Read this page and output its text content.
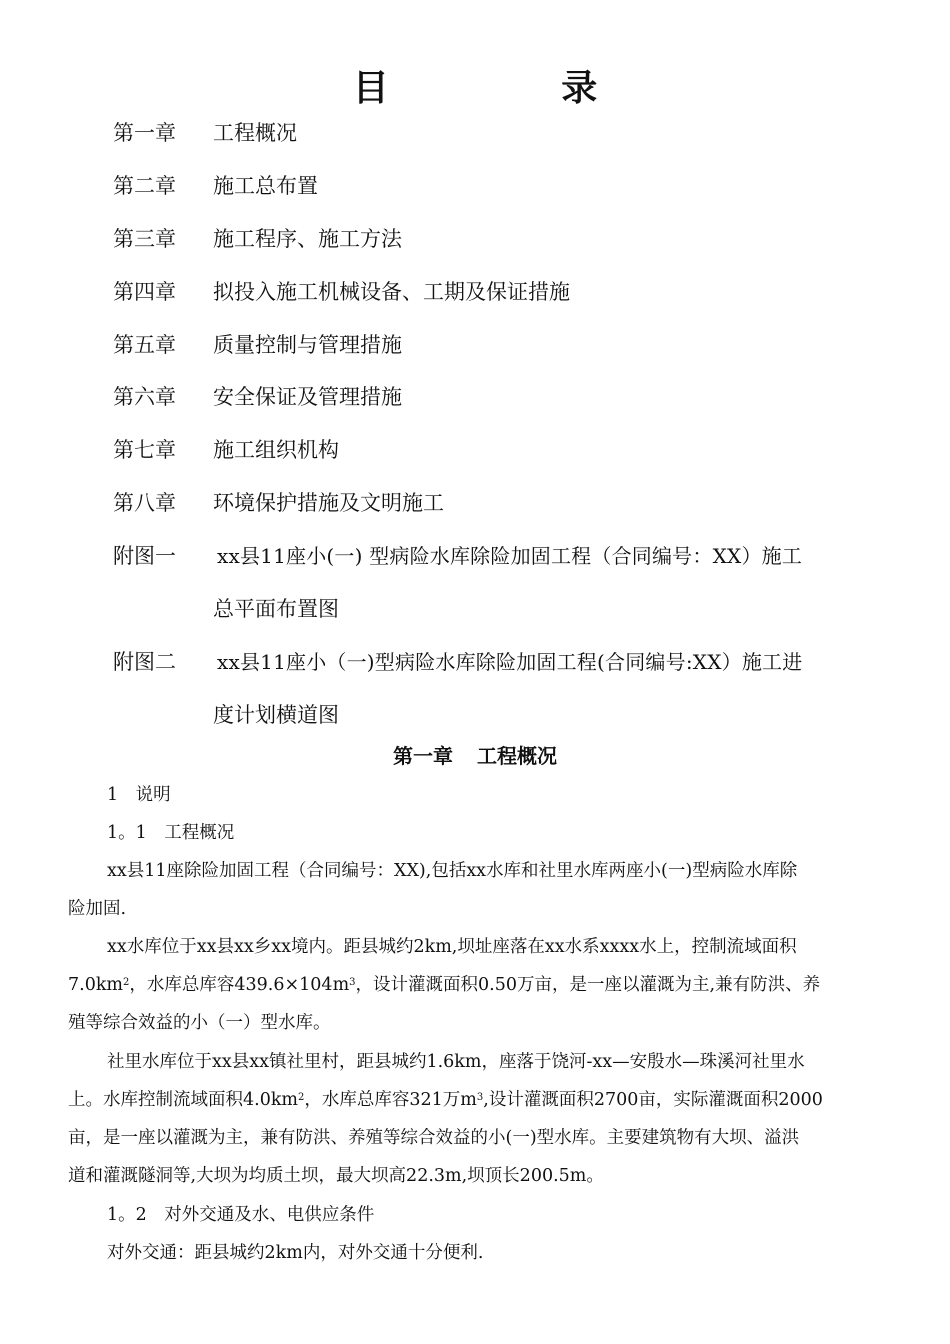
目 录
第一章 工程概况
第二章 施工总布置
第三章 施工程序、施工方法
第四章 拟投入施工机械设备、工期及保证措施
第五章 质量控制与管理措施
第六章 安全保证及管理措施
第七章 施工组织机构
第八章 环境保护措施及文明施工
附图一 xx县11座小(一) 型病险水库除险加固工程（合同编号：XX）施工
总平面布置图
附图二 xx县11座小（一)型病险水库除险加固工程(合同编号:XX）施工进
度计划横道图
第一章 工程概况
1　说明
1。1　工程概况
xx县11座除险加固工程（合同编号：XX),包括xx水库和社里水库两座小(一)型病险水库除
险加固.
xx水库位于xx县xx乡xx境内。距县城约2km,坝址座落在xx水系xxxx水上，控制流域面积
$7.0km^2$，水库总库容$439.6\times 104m^3$，设计灌溉面积0.50万亩，是一座以灌溉为主,兼有防洪、养
殖等综合效益的小（一）型水库。
社里水库位于xx县xx镇社里村，距县城约1.6km，座落于饶河-xx—安殷水—珠溪河社里水
上。水库控制流域面积$4.0km^2$，水库总库容321万$m^3$,设计灌溉面积2700亩，实际灌溉面积2000
亩，是一座以灌溉为主，兼有防洪、养殖等综合效益的小(一)型水库。主要建筑物有大坝、溢洪
道和灌溉隧洞等,大坝为均质土坝，最大坝高22.3m,坝顶长200.5m。
1。2　对外交通及水、电供应条件
对外交通：距县城约2km内，对外交通十分便利.
